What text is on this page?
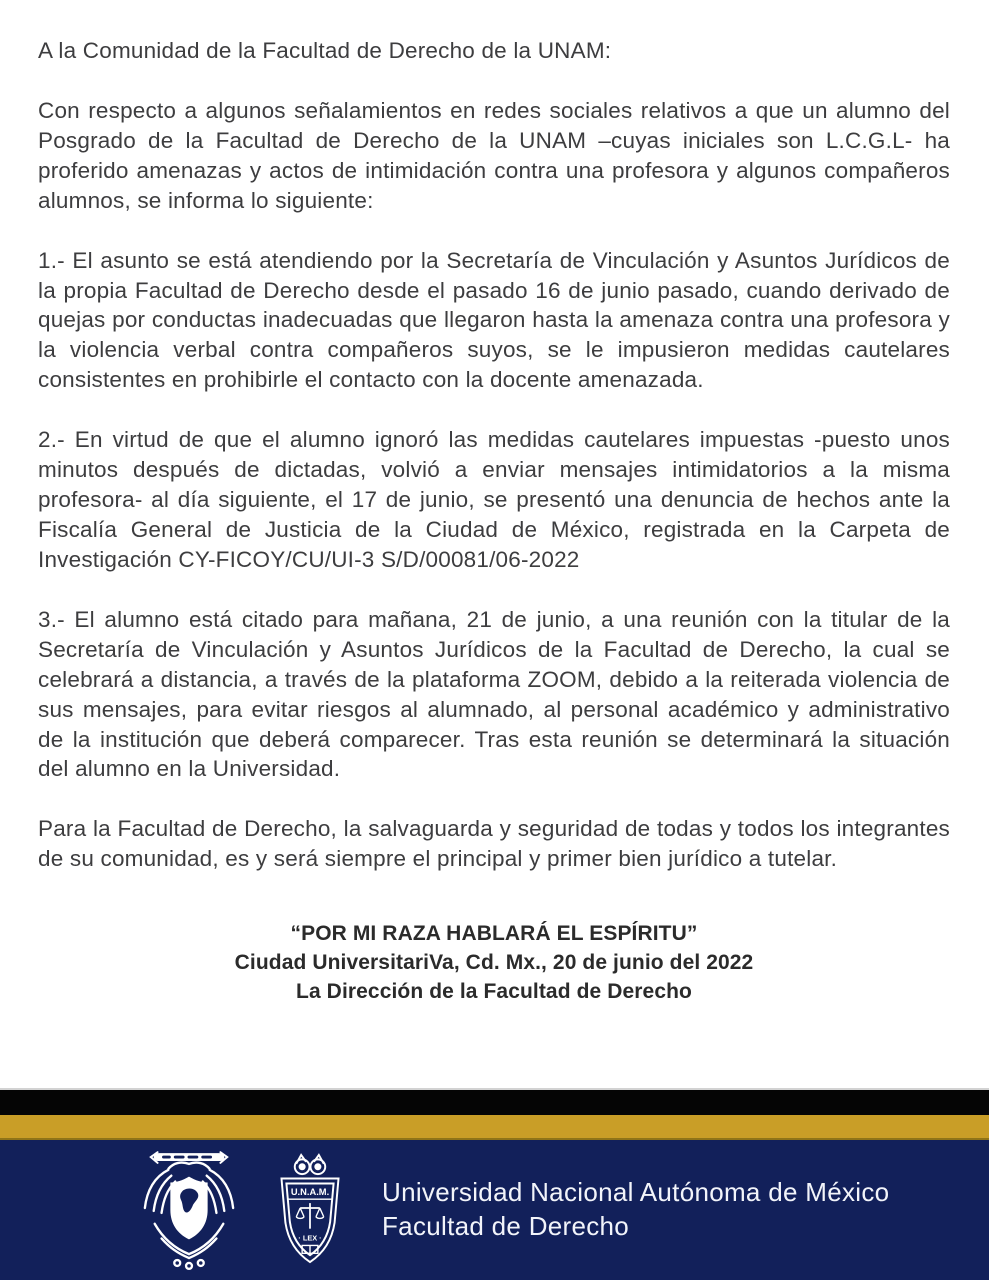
A la Comunidad de la Facultad de Derecho de la UNAM:

Con respecto a algunos señalamientos en redes sociales relativos a que un alumno del Posgrado de la Facultad de Derecho de la UNAM –cuyas iniciales son L.C.G.L- ha proferido amenazas y actos de intimidación contra una profesora y algunos compañeros alumnos, se informa lo siguiente:

1.- El asunto se está atendiendo por la Secretaría de Vinculación y Asuntos Jurídicos de la propia Facultad de Derecho desde el pasado 16 de junio pasado, cuando derivado de quejas por conductas inadecuadas que llegaron hasta la amenaza contra una profesora y la violencia verbal contra compañeros suyos, se le impusieron medidas cautelares consistentes en prohibirle el contacto con la docente amenazada.

2.- En virtud de que el alumno ignoró las medidas cautelares impuestas -puesto unos minutos después de dictadas, volvió a enviar mensajes intimidatorios a la misma profesora- al día siguiente, el 17 de junio, se presentó una denuncia de hechos ante la Fiscalía General de Justicia de la Ciudad de México, registrada en la Carpeta de Investigación CY-FICOY/CU/UI-3 S/D/00081/06-2022

3.- El alumno está citado para mañana, 21 de junio, a una reunión con la titular de la Secretaría de Vinculación y Asuntos Jurídicos de la Facultad de Derecho, la cual se celebrará a distancia, a través de la plataforma ZOOM, debido a la reiterada violencia de sus mensajes, para evitar riesgos al alumnado, al personal académico y administrativo de la institución que deberá comparecer. Tras esta reunión se determinará la situación del alumno en la Universidad.

Para la Facultad de Derecho, la salvaguarda y seguridad de todas y todos los integrantes de su comunidad, es y será siempre el principal y primer bien jurídico a tutelar.

“POR MI RAZA HABLARÁ EL ESPÍRITU”

Ciudad UniversitariVa, Cd. Mx., 20 de junio del 2022

La Dirección de la Facultad de Derecho

U.N.A.M.
· LEX ·
Universidad Nacional Autónoma de México
Facultad de Derecho
